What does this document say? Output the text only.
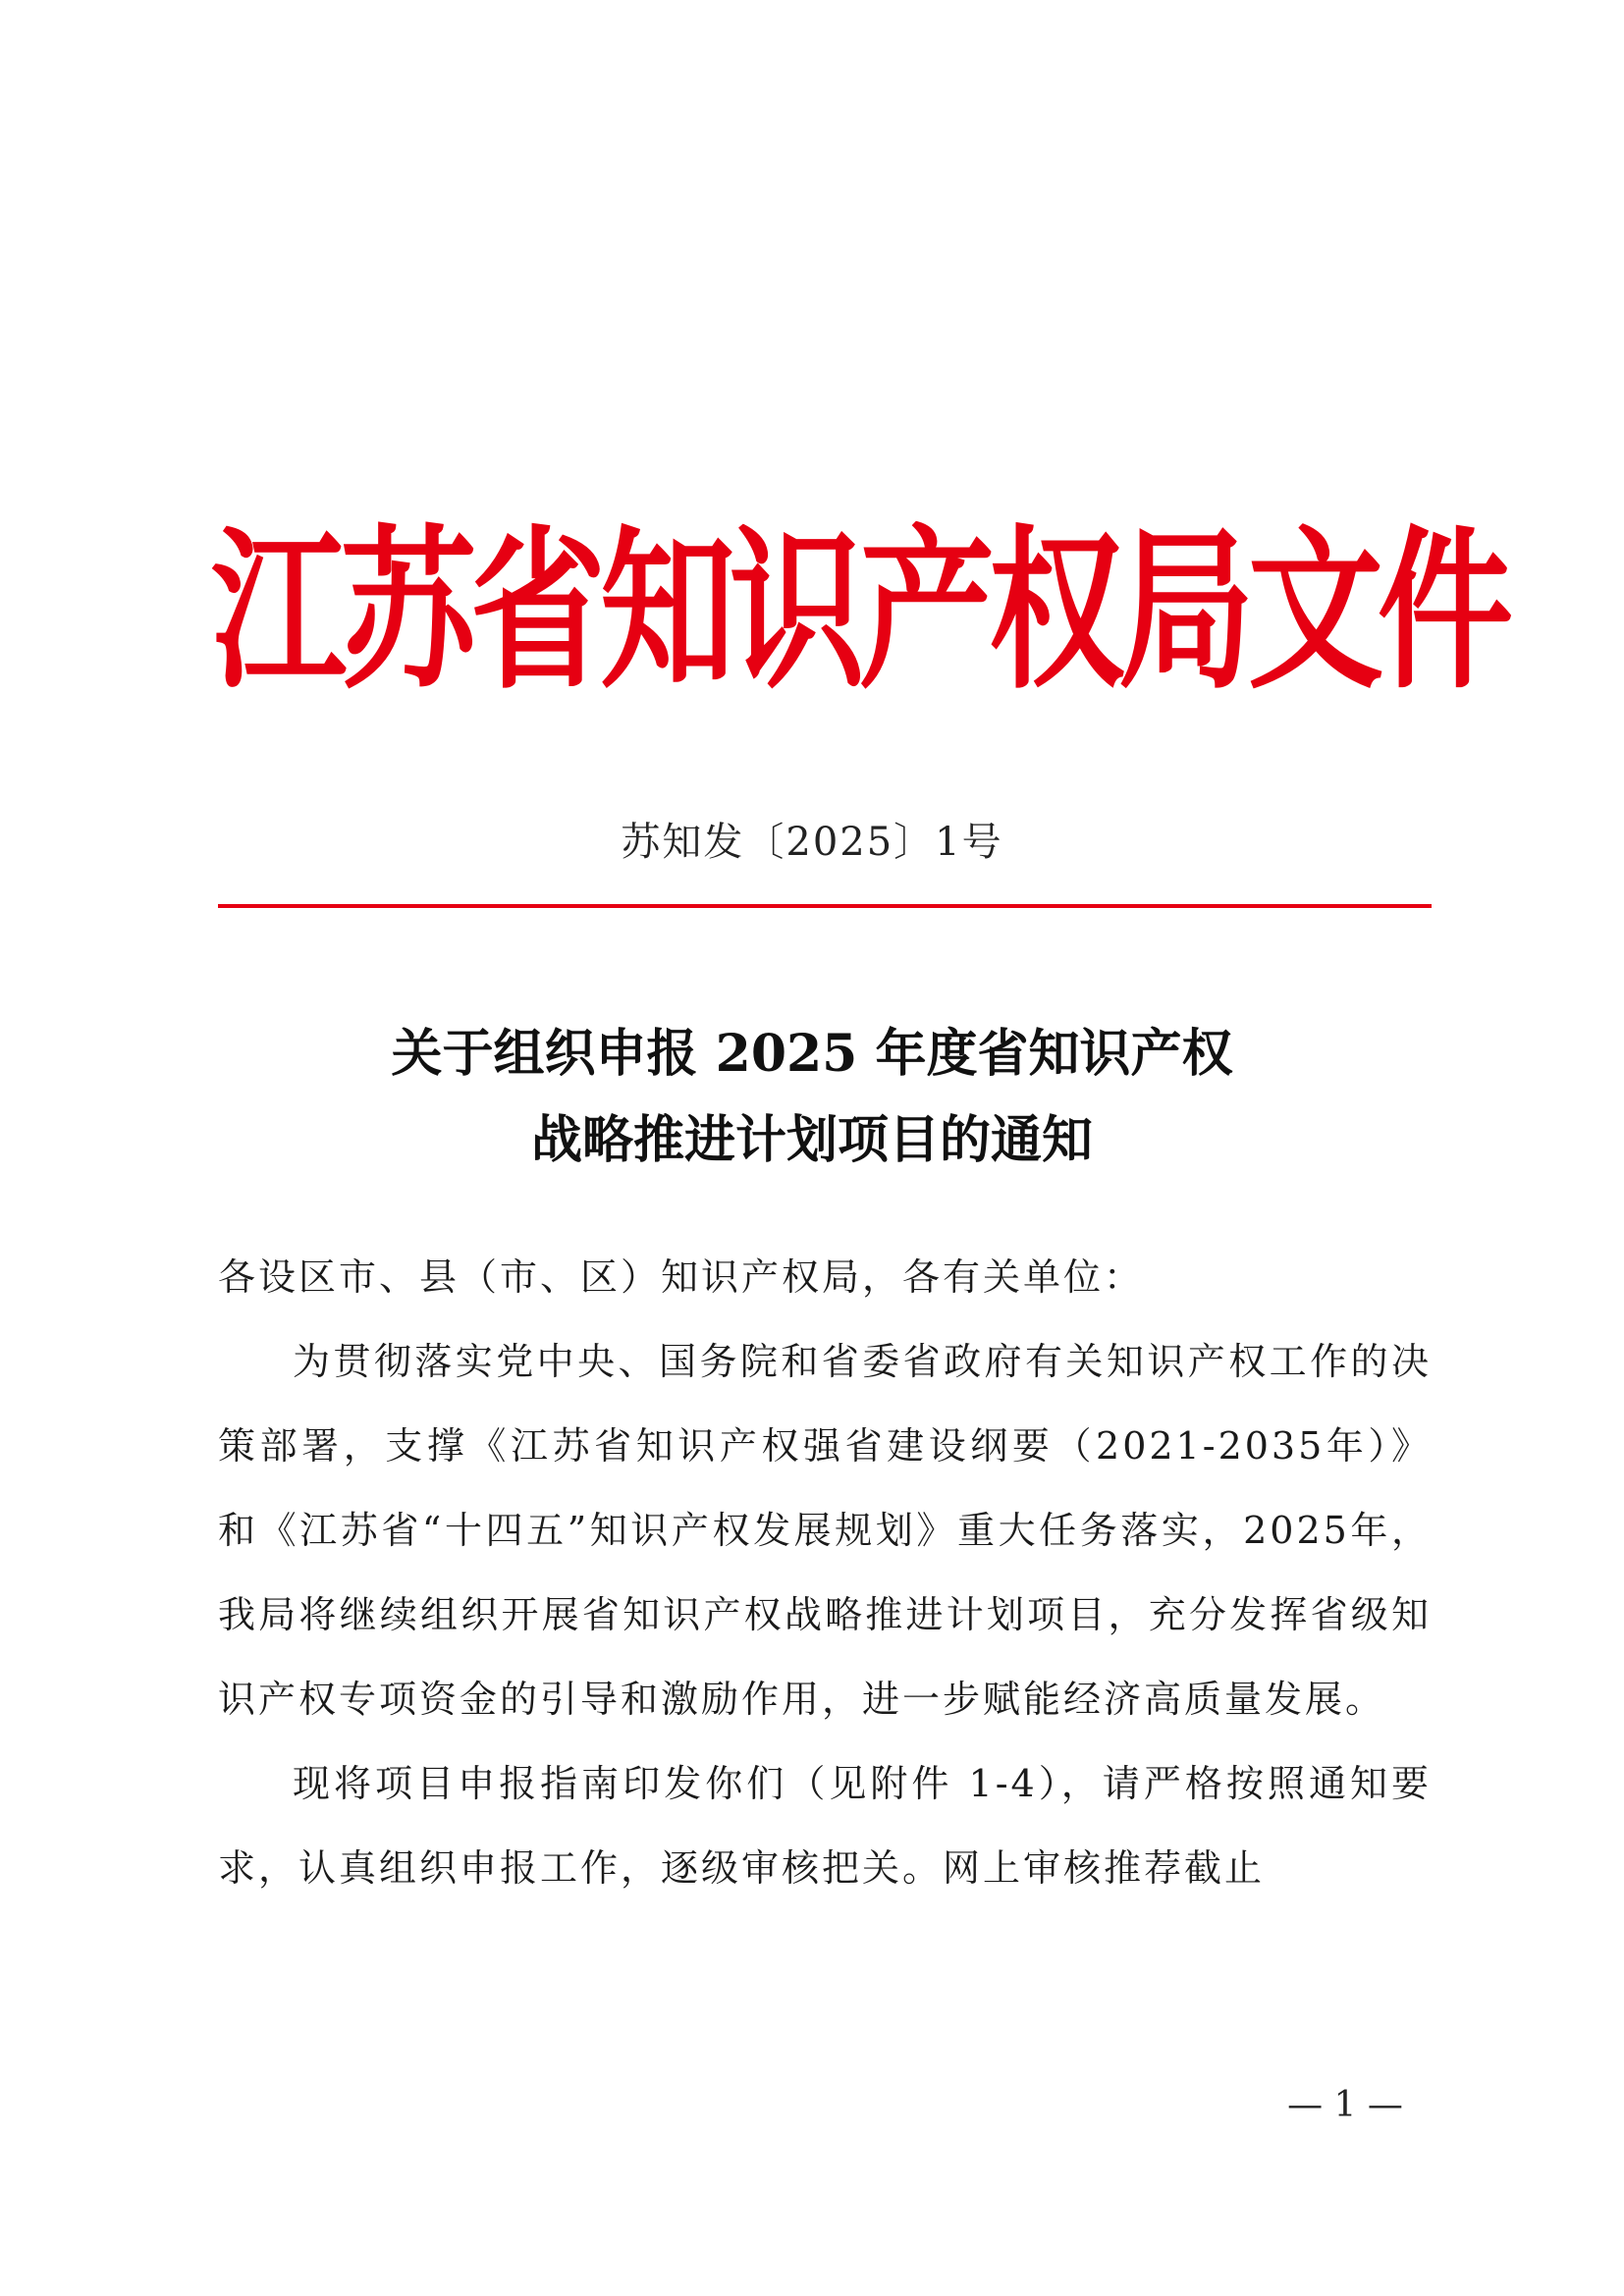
江苏省知识产权局文件
苏知发〔2025〕1号
关于组织申报 2025 年度省知识产权
战略推进计划项目的通知

各设区市、县（市、区）知识产权局，各有关单位：

为贯彻落实党中央、国务院和省委省政府有关知识产权工作的决策部署，支撑《江苏省知识产权强省建设纲要（2021-2035年）》和《江苏省“十四五”知识产权发展规划》重大任务落实，2025年，我局将继续组织开展省知识产权战略推进计划项目，充分发挥省级知识产权专项资金的引导和激励作用，进一步赋能经济高质量发展。

现将项目申报指南印发你们（见附件 1-4），请严格按照通知要求，认真组织申报工作，逐级审核把关。网上审核推荐截止

— 1 —
